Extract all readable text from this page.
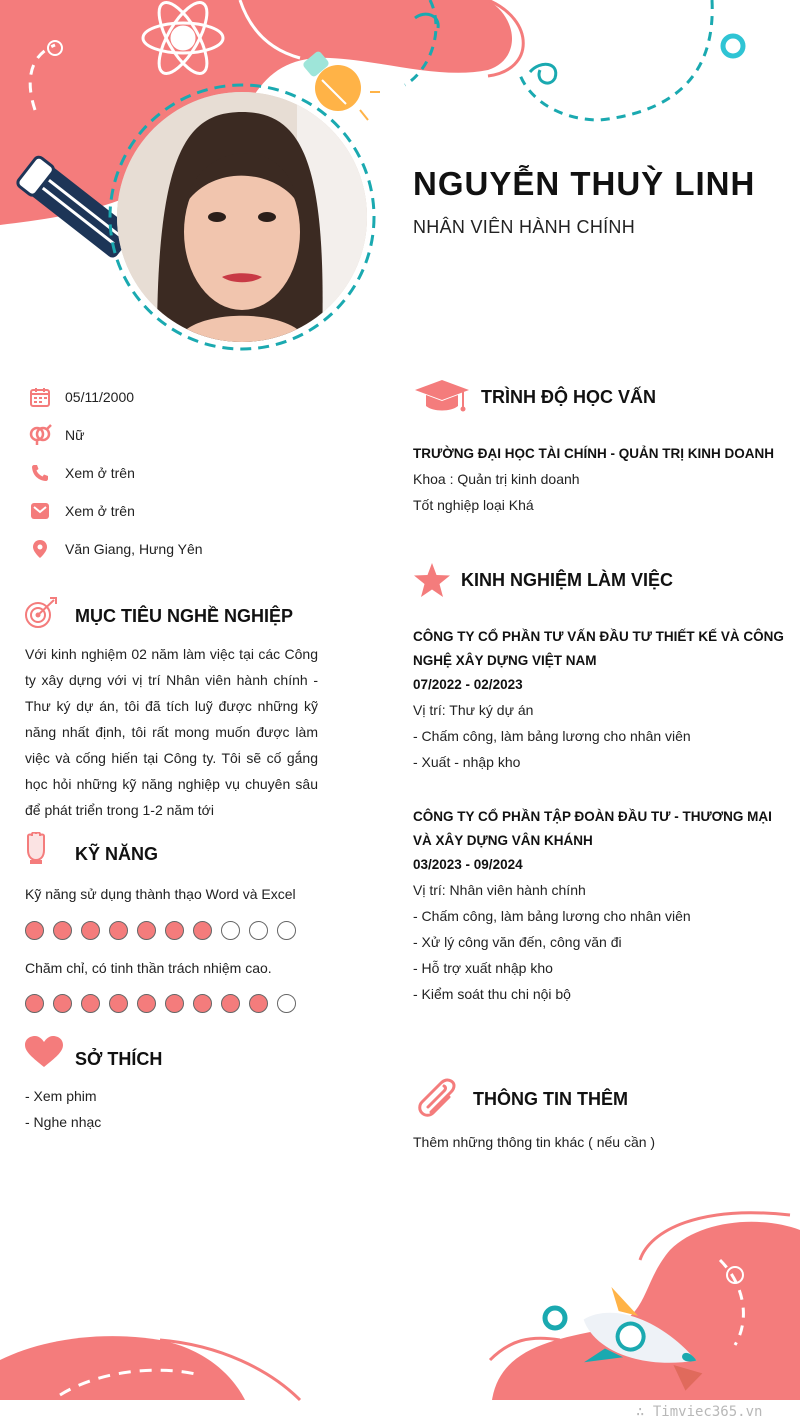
NGUYỄN THUỲ LINH
NHÂN VIÊN HÀNH CHÍNH
05/11/2000
Nữ
Xem ở trên
Xem ở trên
Văn Giang, Hưng Yên
MỤC TIÊU NGHỀ NGHIỆP
Với kinh nghiệm 02 năm làm việc tại các Công ty xây dựng với vị trí Nhân viên hành chính - Thư ký dự án, tôi đã tích luỹ được những kỹ năng nhất định, tôi rất mong muốn được làm việc và cống hiến tại Công ty. Tôi sẽ cố gắng học hỏi những kỹ năng nghiệp vụ chuyên sâu để phát triển trong 1-2 năm tới
KỸ NĂNG
Kỹ năng sử dụng thành thạo Word và Excel
Chăm chỉ, có tinh thần trách nhiệm cao.
SỞ THÍCH
- Xem phim
- Nghe nhạc
TRÌNH ĐỘ HỌC VẤN
TRƯỜNG ĐẠI HỌC TÀI CHÍNH - QUẢN TRỊ KINH DOANH
Khoa : Quản trị kinh doanh
Tốt nghiệp loại Khá
KINH NGHIỆM LÀM VIỆC
CÔNG TY CỔ PHẦN TƯ VẤN ĐẦU TƯ THIẾT KẾ VÀ CÔNG
NGHỆ XÂY DỰNG VIỆT NAM
07/2022 - 02/2023
Vị trí: Thư ký dự án
- Chấm công, làm bảng lương cho nhân viên
- Xuất - nhập kho
CÔNG TY CỔ PHẦN TẬP ĐOÀN ĐẦU TƯ - THƯƠNG MẠI
VÀ XÂY DỰNG VÂN KHÁNH
03/2023 - 09/2024
Vị trí: Nhân viên hành chính
- Chấm công, làm bảng lương cho nhân viên
- Xử lý công văn đến, công văn đi
- Hỗ trợ xuất nhập kho
- Kiểm soát thu chi nội bộ
THÔNG TIN THÊM
Thêm những thông tin khác ( nếu cần )
∴ Timviec365.vn
